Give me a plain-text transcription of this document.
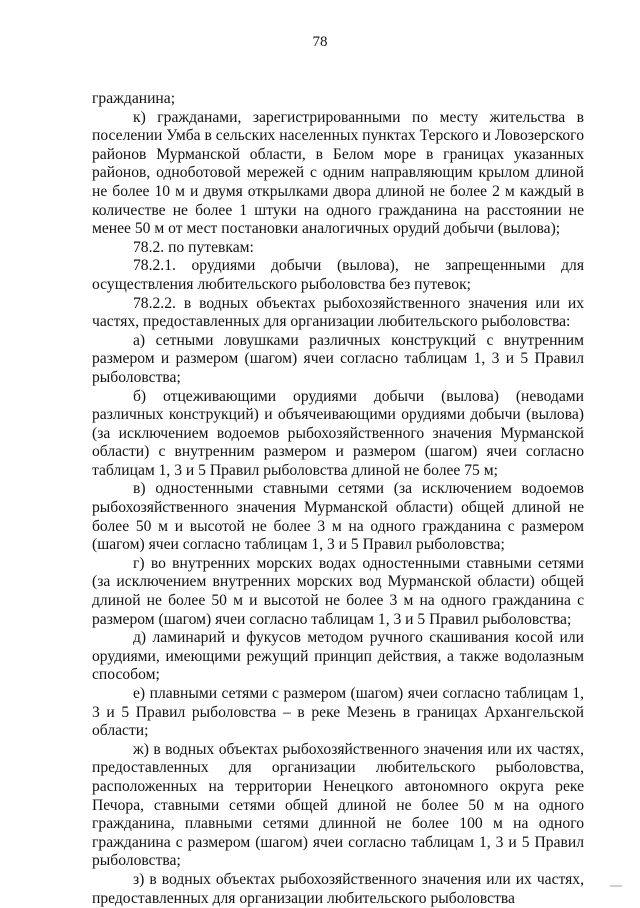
78

гражданина;

к) гражданами, зарегистрированными по месту жительства в поселении Умба в сельских населенных пунктах Терского и Ловозерского районов Мурманской области, в Белом море в границах указанных районов, одноботовой мережей с одним направляющим крылом длиной не более 10 м и двумя открылками двора длиной не более 2 м каждый в количестве не более 1 штуки на одного гражданина на расстоянии не менее 50 м от мест постановки аналогичных орудий добычи (вылова);

78.2. по путевкам:

78.2.1. орудиями добычи (вылова), не запрещенными для осуществления любительского рыболовства без путевок;

78.2.2. в водных объектах рыбохозяйственного значения или их частях, предоставленных для организации любительского рыболовства:

а) сетными ловушками различных конструкций с внутренним размером и размером (шагом) ячеи согласно таблицам 1, 3 и 5 Правил рыболовства;

б) отцеживающими орудиями добычи (вылова) (неводами различных конструкций) и объячеивающими орудиями добычи (вылова) (за исключением водоемов рыбохозяйственного значения Мурманской области) с внутренним размером и размером (шагом) ячеи согласно таблицам 1, 3 и 5 Правил рыболовства длиной не более 75 м;

в) одностенными ставными сетями (за исключением водоемов рыбохозяйственного значения Мурманской области) общей длиной не более 50 м и высотой не более 3 м на одного гражданина с размером (шагом) ячеи согласно таблицам 1, 3 и 5 Правил рыболовства;

г) во внутренних морских водах одностенными ставными сетями (за исключением внутренних морских вод Мурманской области) общей длиной не более 50 м и высотой не более 3 м на одного гражданина с размером (шагом) ячеи согласно таблицам 1, 3 и 5 Правил рыболовства;

д) ламинарий и фукусов методом ручного скашивания косой или орудиями, имеющими режущий принцип действия, а также водолазным способом;

е) плавными сетями с размером (шагом) ячеи согласно таблицам 1, 3 и 5 Правил рыболовства – в реке Мезень в границах Архангельской области;

ж) в водных объектах рыбохозяйственного значения или их частях, предоставленных для организации любительского рыболовства, расположенных на территории Ненецкого автономного округа реке Печора, ставными сетями общей длиной не более 50 м на одного гражданина, плавными сетями длинной не более 100 м на одного гражданина с размером (шагом) ячеи согласно таблицам 1, 3 и 5 Правил рыболовства;

з) в водных объектах рыбохозяйственного значения или их частях, предоставленных для организации любительского рыболовства
